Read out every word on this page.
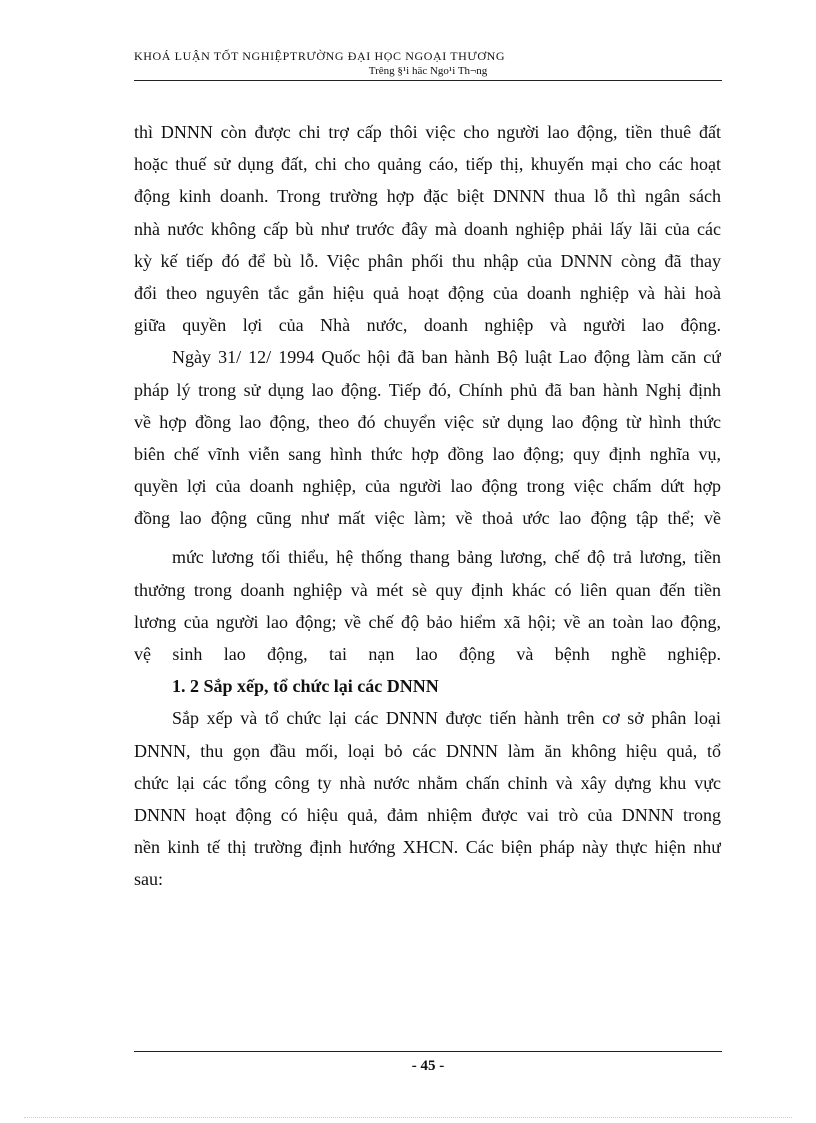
KHOÁ LUẬN TỐT NGHIỆPTRƯỜNG ĐẠI HỌC NGOẠI THƯƠNG
Trêng §¹i häc Ngo¹i Th¬ng
thì DNNN còn được chi trợ cấp thôi việc cho người lao động, tiền thuê đất
hoặc thuế sử dụng đất, chi cho quảng cáo, tiếp thị, khuyến mại cho các hoạt
động kinh doanh. Trong trường hợp đặc biệt DNNN thua lỗ thì ngân sách
nhà nước không cấp bù như trước đây mà doanh nghiệp phải lấy lãi của các
kỳ kế tiếp đó để bù lỗ. Việc phân phối thu nhập của DNNN còng đã thay
đổi theo nguyên tắc gắn hiệu quả hoạt động của doanh nghiệp và hài hoà
giữa quyền lợi của Nhà nước, doanh nghiệp và người lao động.
Ngày 31/ 12/ 1994 Quốc hội đã ban hành Bộ luật Lao động làm căn cứ
pháp lý trong sử dụng lao động. Tiếp đó, Chính phủ đã ban hành Nghị định
về hợp đồng lao động, theo đó chuyển việc sử dụng lao động từ hình thức
biên chế vĩnh viễn sang hình thức hợp đồng lao động; quy định nghĩa vụ,
quyền lợi của doanh nghiệp, của người lao động trong việc chấm dứt hợp
đồng lao động cũng như mất việc làm; về thoả ước lao động tập thể; về
mức lương tối thiểu, hệ thống thang bảng lương, chế độ trả lương, tiền
thưởng trong doanh nghiệp và mét sè quy định khác có liên quan đến tiền
lương của người lao động; về chế độ bảo hiểm xã hội; về an toàn lao động,
vệ sinh lao động, tai nạn lao động và bệnh nghề nghiệp.
1. 2 Sắp xếp, tổ chức lại các DNNN
Sắp xếp và tổ chức lại các DNNN được tiến hành trên cơ sở phân loại
DNNN, thu gọn đầu mối, loại bỏ các DNNN làm ăn không hiệu quả, tổ
chức lại các tổng công ty nhà nước nhằm chấn chỉnh và xây dựng khu vực
DNNN hoạt động có hiệu quả, đảm nhiệm được vai trò của DNNN trong
nền kinh tế thị trường định hướng XHCN. Các biện pháp này thực hiện như
sau:
- 45 -
